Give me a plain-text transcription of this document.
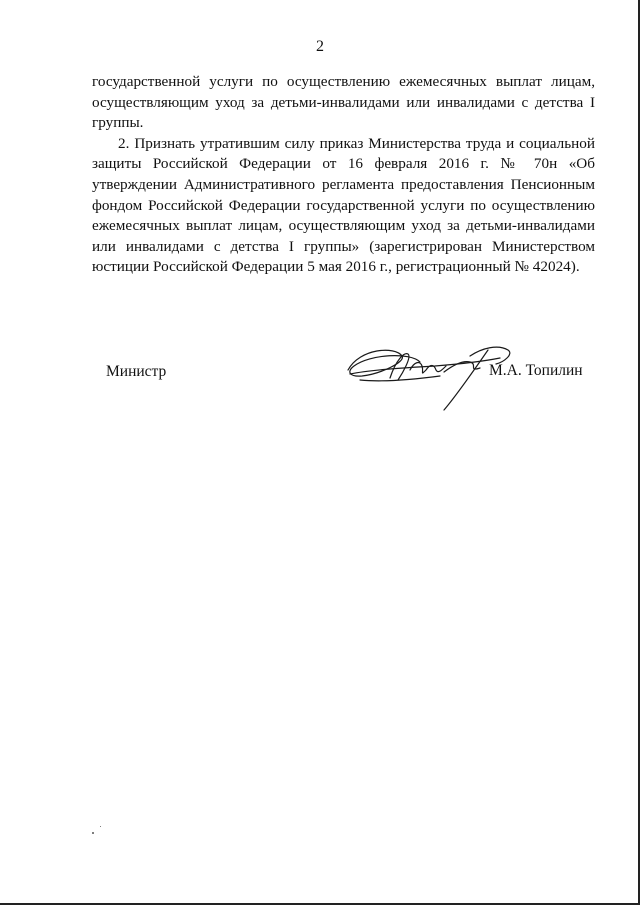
2

государственной услуги по осуществлению ежемесячных выплат лицам, осуществляющим уход за детьми-инвалидами или инвалидами с детства I группы.

2. Признать утратившим силу приказ Министерства труда и социальной защиты Российской Федерации от 16 февраля 2016 г. № 70н «Об утверждении Административного регламента предоставления Пенсионным фондом Российской Федерации государственной услуги по осуществлению ежемесячных выплат лицам, осуществляющим уход за детьми-инвалидами или инвалидами с детства I группы» (зарегистрирован Министерством юстиции Российской Федерации 5 мая 2016 г., регистрационный № 42024).

Министр	М.А. Топилин
